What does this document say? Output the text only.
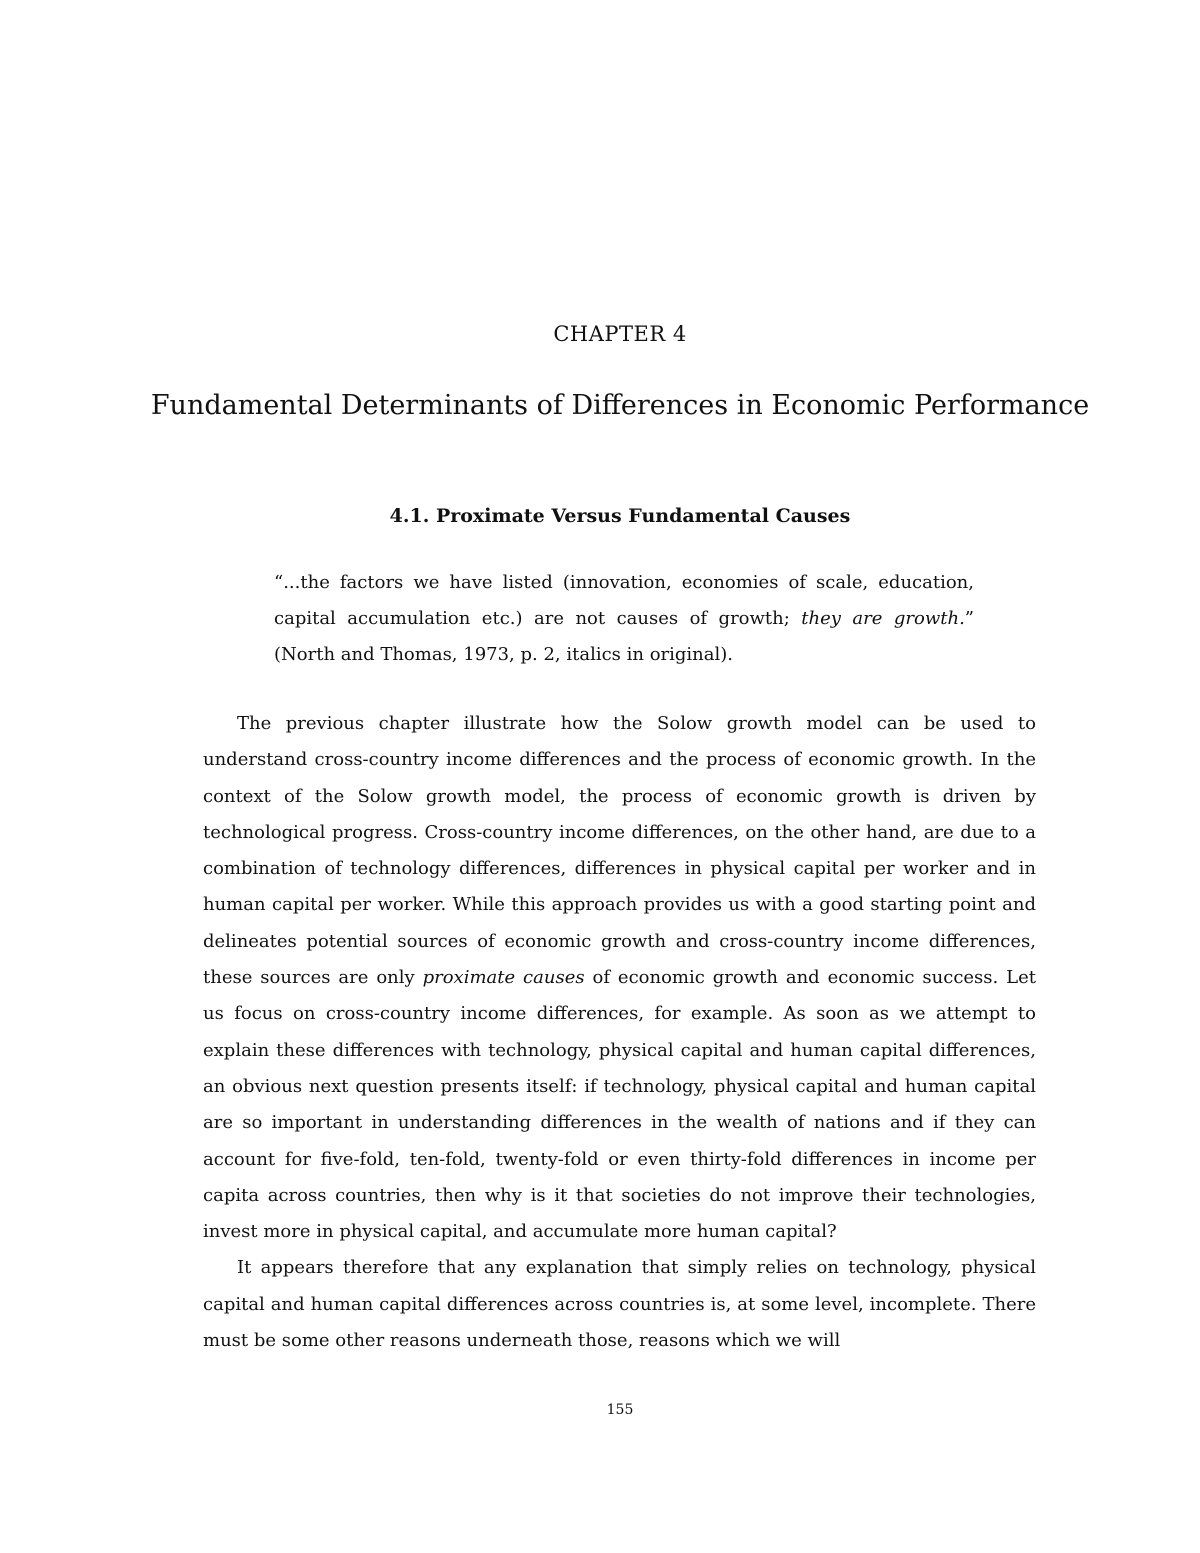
CHAPTER 4
Fundamental Determinants of Differences in Economic Performance
4.1. Proximate Versus Fundamental Causes
“...the factors we have listed (innovation, economies of scale, education, capital accumulation etc.) are not causes of growth; they are growth.” (North and Thomas, 1973, p. 2, italics in original).

The previous chapter illustrate how the Solow growth model can be used to understand cross-country income differences and the process of economic growth. In the context of the Solow growth model, the process of economic growth is driven by technological progress. Cross-country income differences, on the other hand, are due to a combination of technology differences, differences in physical capital per worker and in human capital per worker. While this approach provides us with a good starting point and delineates potential sources of economic growth and cross-country income differences, these sources are only proximate causes of economic growth and economic success. Let us focus on cross-country income differences, for example. As soon as we attempt to explain these differences with technology, physical capital and human capital differences, an obvious next question presents itself: if technology, physical capital and human capital are so important in understanding differences in the wealth of nations and if they can account for five-fold, ten-fold, twenty-fold or even thirty-fold differences in income per capita across countries, then why is it that societies do not improve their technologies, invest more in physical capital, and accumulate more human capital?

It appears therefore that any explanation that simply relies on technology, physical capital and human capital differences across countries is, at some level, incomplete. There must be some other reasons underneath those, reasons which we will

155
